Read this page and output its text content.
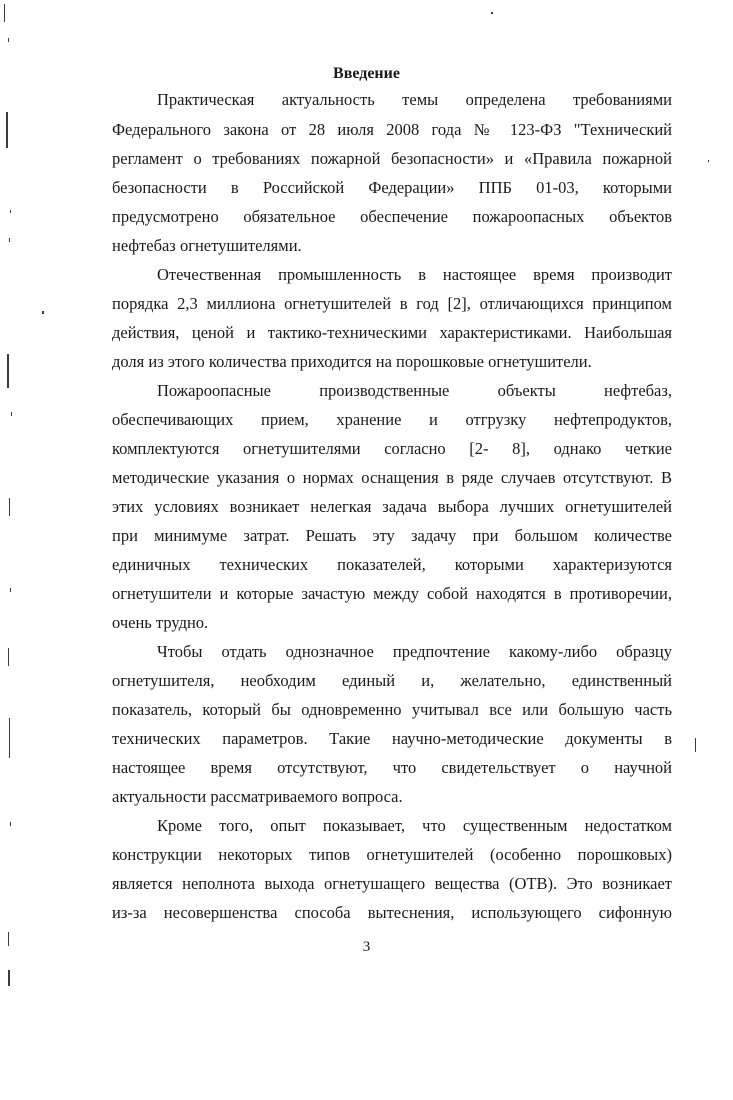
Введение

Практическая актуальность темы определена требованиями

Федерального закона от 28 июля 2008 года № 123-ФЗ "Технический

регламент о требованиях пожарной безопасности» и «Правила пожарной

безопасности в Российской Федерации» ППБ 01-03, которыми

предусмотрено обязательное обеспечение пожароопасных объектов

нефтебаз огнетушителями.

Отечественная промышленность в настоящее время производит

порядка 2,3 миллиона огнетушителей в год [2], отличающихся принципом

действия, ценой и тактико-техническими характеристиками. Наибольшая

доля из этого количества приходится на порошковые огнетушители.

Пожароопасные производственные объекты нефтебаз,

обеспечивающих прием, хранение и отгрузку нефтепродуктов,

комплектуются огнетушителями согласно [2- 8], однако четкие

методические указания о нормах оснащения в ряде случаев отсутствуют. В

этих условиях возникает нелегкая задача выбора лучших огнетушителей

при минимуме затрат. Решать эту задачу при большом количестве

единичных технических показателей, которыми характеризуются

огнетушители и которые зачастую между собой находятся в противоречии,

очень трудно.

Чтобы отдать однозначное предпочтение какому-либо образцу

огнетушителя, необходим единый и, желательно, единственный

показатель, который бы одновременно учитывал все или большую часть

технических параметров. Такие научно-методические документы в

настоящее время отсутствуют, что свидетельствует о научной

актуальности рассматриваемого вопроса.

Кроме того, опыт показывает, что существенным недостатком

конструкции некоторых типов огнетушителей (особенно порошковых)

является неполнота выхода огнетушащего вещества (ОТВ). Это возникает

из-за несовершенства способа вытеснения, использующего сифонную

3
